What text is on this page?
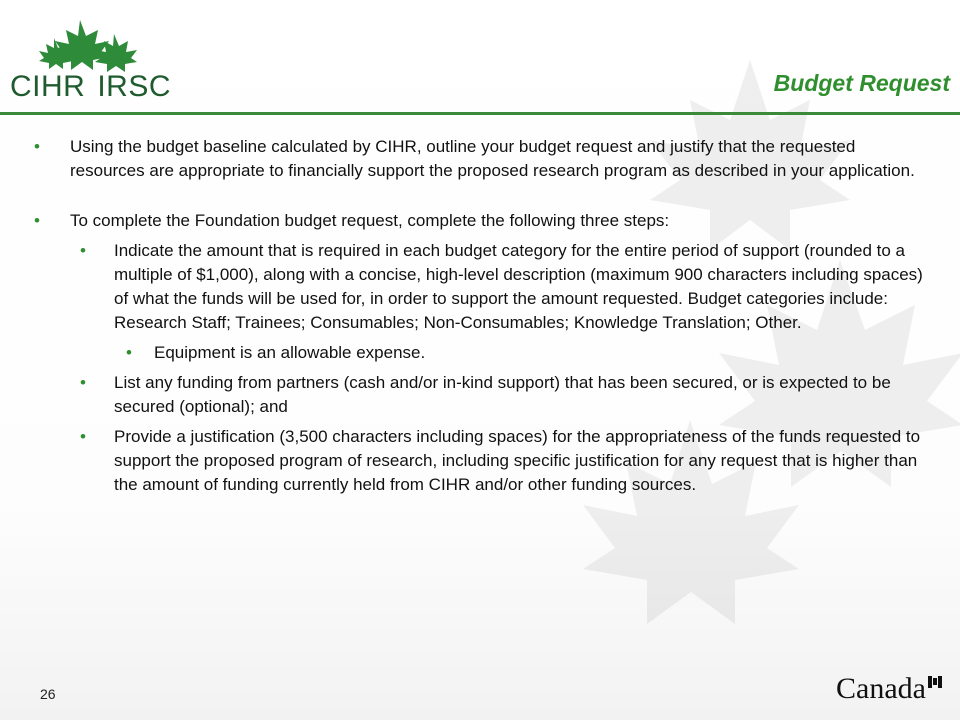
CIHR IRSC	Budget Request
• Using the budget baseline calculated by CIHR, outline your budget request and justify that the requested resources are appropriate to financially support the proposed research program as described in your application.
• To complete the Foundation budget request, complete the following three steps:
• Indicate the amount that is required in each budget category for the entire period of support (rounded to a multiple of $1,000), along with a concise, high-level description (maximum 900 characters including spaces) of what the funds will be used for, in order to support the amount requested. Budget categories include: Research Staff; Trainees; Consumables; Non-Consumables; Knowledge Translation; Other.
• Equipment is an allowable expense.
• List any funding from partners (cash and/or in-kind support) that has been secured, or is expected to be secured (optional); and
• Provide a justification (3,500 characters including spaces) for the appropriateness of the funds requested to support the proposed program of research, including specific justification for any request that is higher than the amount of funding currently held from CIHR and/or other funding sources.
26	Canada
